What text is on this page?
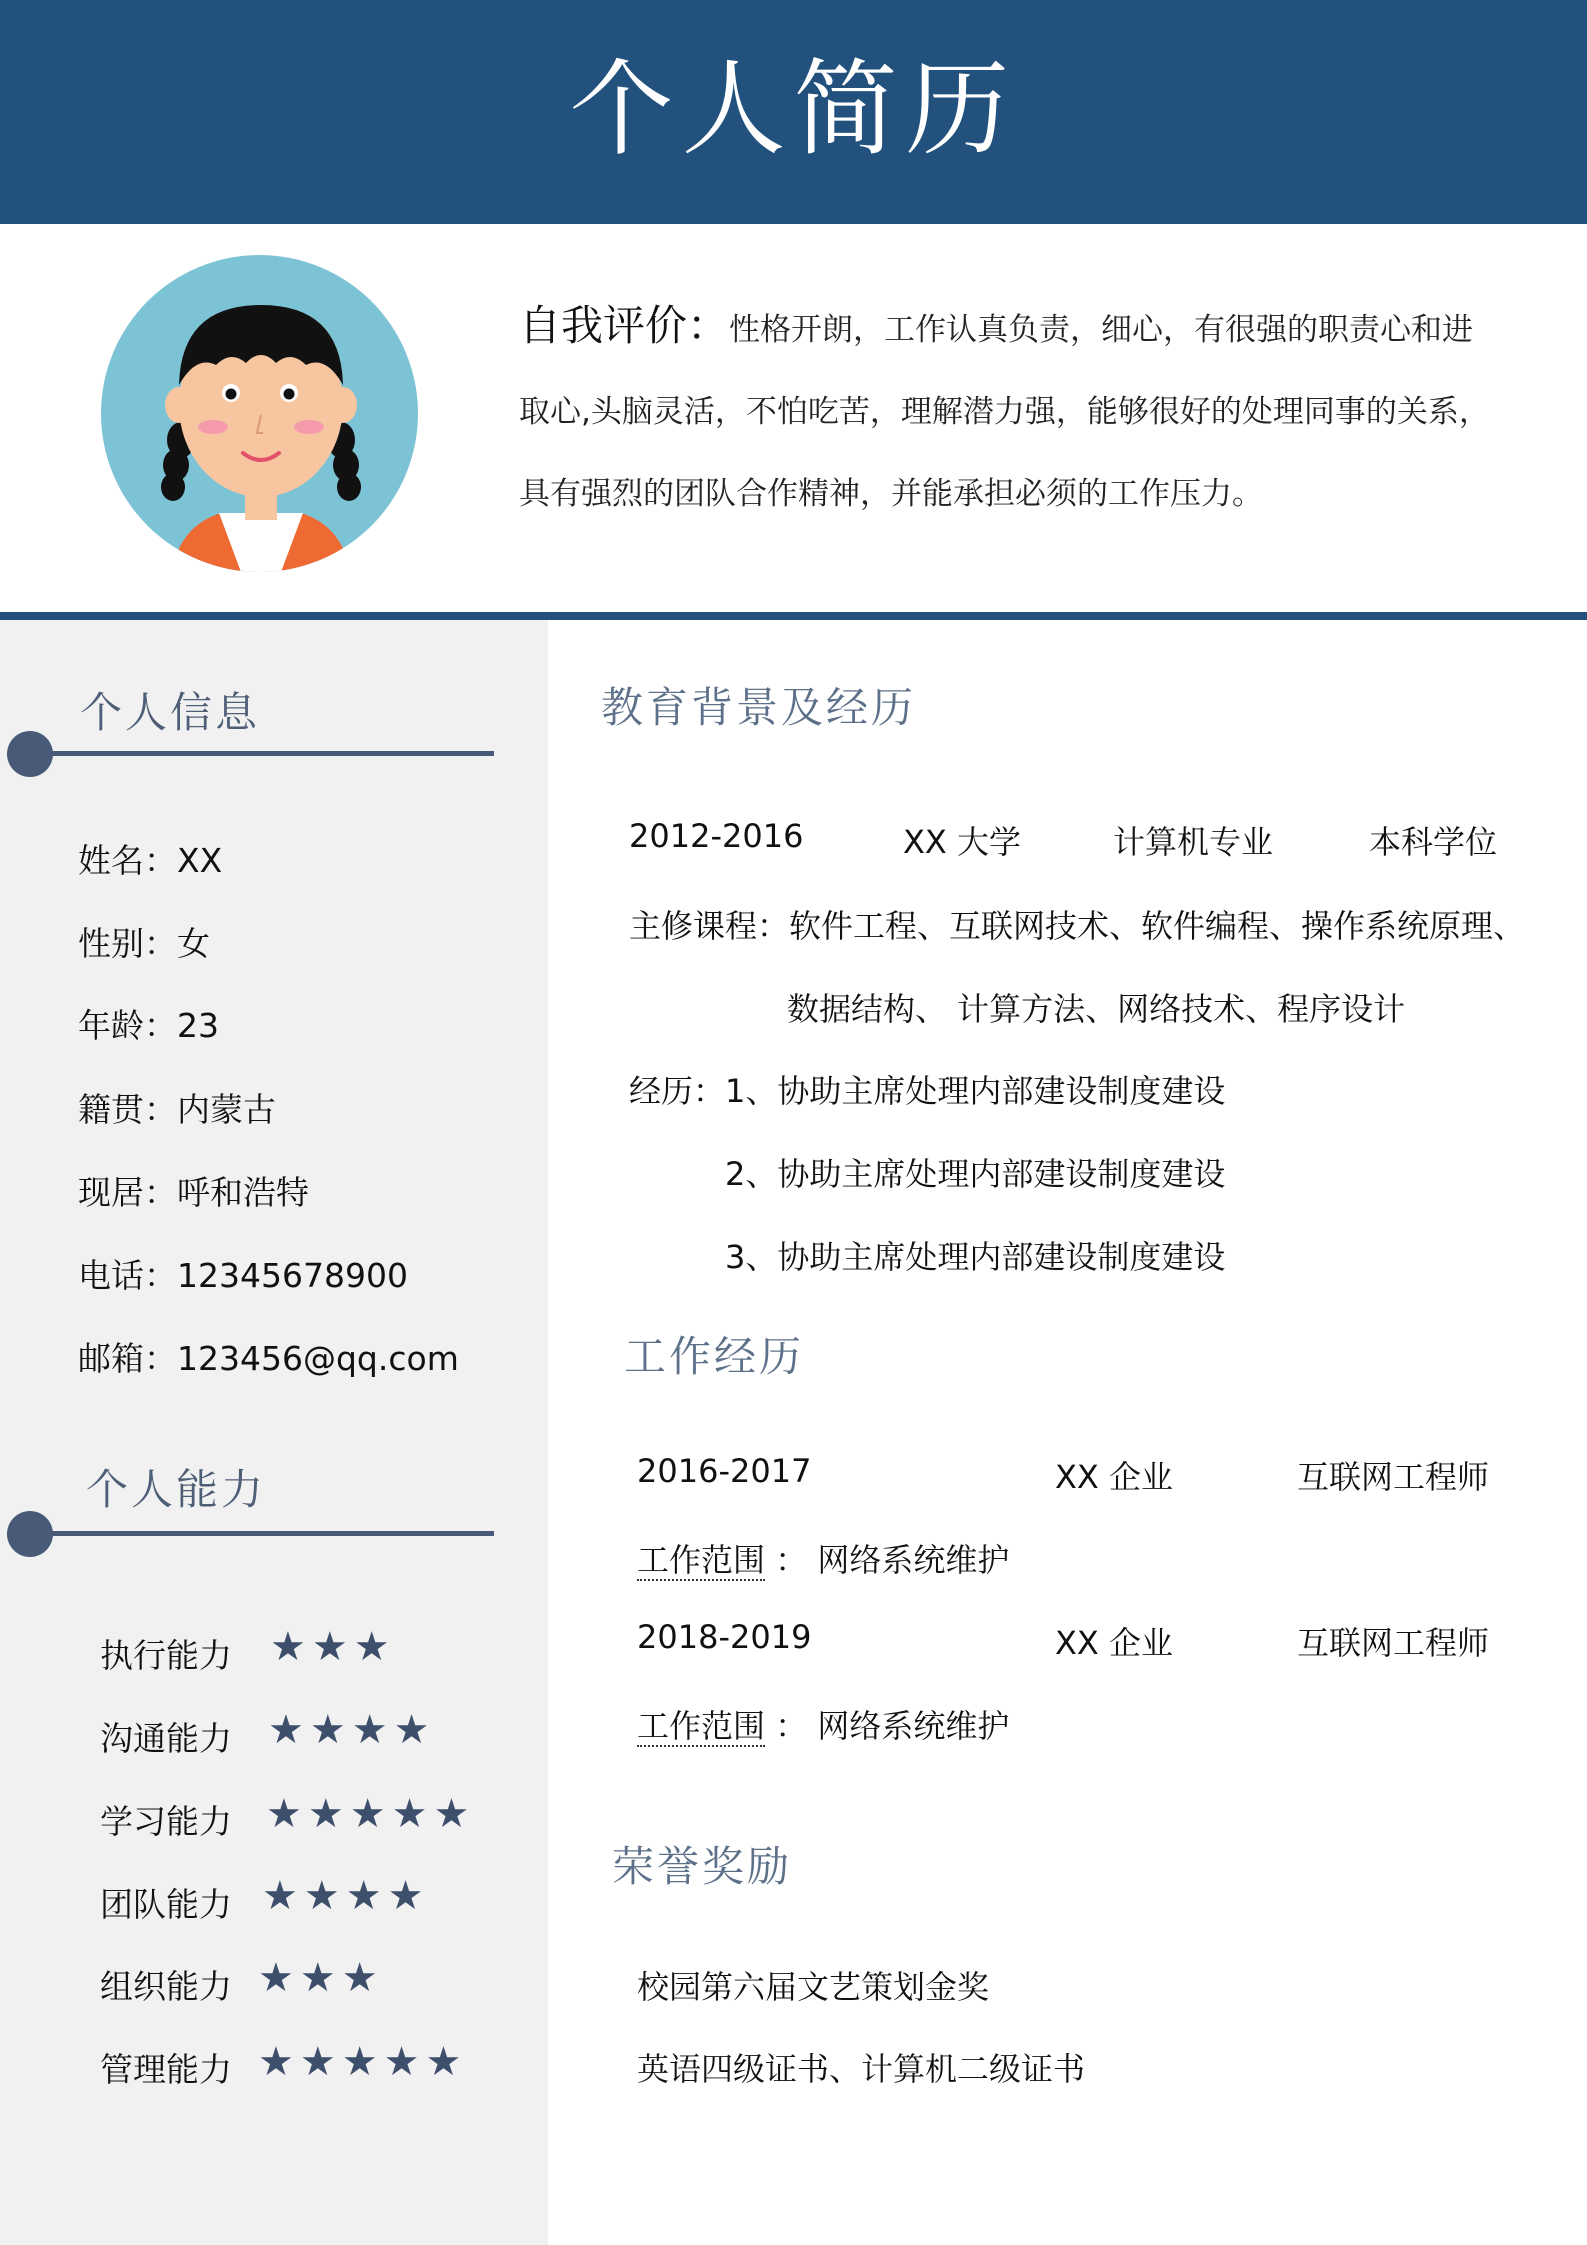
个人简历
自我评价：性格开朗，工作认真负责，细心，有很强的职责心和进
取心,头脑灵活，不怕吃苦，理解潜力强，能够很好的处理同事的关系，
具有强烈的团队合作精神，并能承担必须的工作压力。
个人信息
姓名：XX
性别：女
年龄：23
籍贯：内蒙古
现居：呼和浩特
电话：12345678900
邮箱：123456@qq.com
个人能力
执行能力 ★★★
沟通能力 ★★★★
学习能力 ★★★★★
团队能力 ★★★★
组织能力 ★★★
管理能力 ★★★★★
教育背景及经历
2012-2016	XX 大学	计算机专业	本科学位
主修课程： 软件工程、互联网技术、软件编程、操作系统原理、
数据结构、 计算方法、网络技术、程序设计
经历： 1、协助主席处理内部建设制度建设
2、协助主席处理内部建设制度建设
3、协助主席处理内部建设制度建设
工作经历
2016-2017	XX 企业	互联网工程师
工作范围 ： 网络系统维护
2018-2019	XX 企业	互联网工程师
工作范围 ： 网络系统维护
荣誉奖励
校园第六届文艺策划金奖
英语四级证书、计算机二级证书
